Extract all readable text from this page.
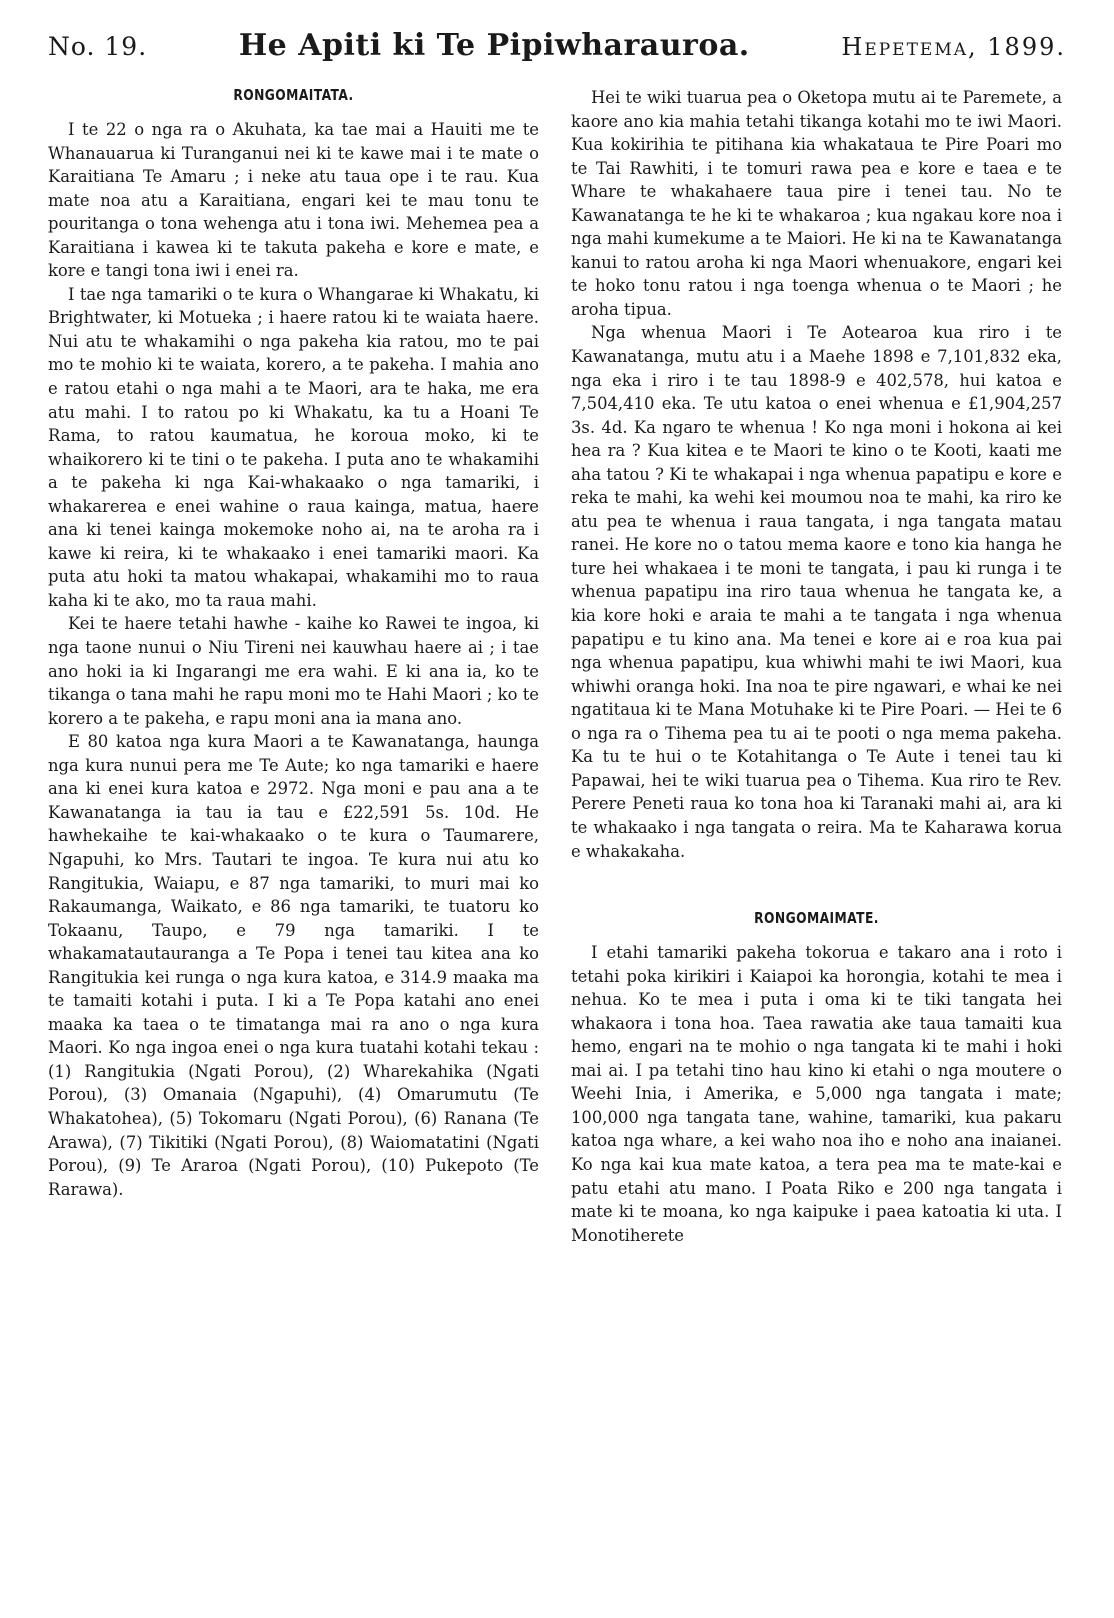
No. 19.	He Apiti ki Te Pipiwharauroa.	Hepetema, 1899.
RONGOMAITATA.

I te 22 o nga ra o Akuhata, ka tae mai a Hauiti me te Whanauarua ki Turanganui nei ki te kawe mai i te mate o Karaitiana Te Amaru ; i neke atu taua ope i te rau. Kua mate noa atu a Karaitiana, engari kei te mau tonu te pouritanga o tona wehenga atu i tona iwi. Mehemea pea a Karaitiana i kawea ki te takuta pakeha e kore e mate, e kore e tangi tona iwi i enei ra.

I tae nga tamariki o te kura o Whangarae ki Whakatu, ki Brightwater, ki Motueka ; i haere ratou ki te waiata haere. Nui atu te whakamihi o nga pakeha kia ratou, mo te pai mo te mohio ki te waiata, korero, a te pakeha. I mahia ano e ratou etahi o nga mahi a te Maori, ara te haka, me era atu mahi. I to ratou po ki Whakatu, ka tu a Hoani Te Rama, to ratou kaumatua, he koroua moko, ki te whaikorero ki te tini o te pakeha. I puta ano te whakamihi a te pakeha ki nga Kai-whakaako o nga tamariki, i whakarerea e enei wahine o raua kainga, matua, haere ana ki tenei kainga mokemoke noho ai, na te aroha ra i kawe ki reira, ki te whakaako i enei tamariki maori. Ka puta atu hoki ta matou whakapai, whakamihi mo to raua kaha ki te ako, mo ta raua mahi.

Kei te haere tetahi hawhe - kaihe ko Rawei te ingoa, ki nga taone nunui o Niu Tireni nei kauwhau haere ai ; i tae ano hoki ia ki Ingarangi me era wahi. E ki ana ia, ko te tikanga o tana mahi he rapu moni mo te Hahi Maori ; ko te korero a te pakeha, e rapu moni ana ia mana ano.

E 80 katoa nga kura Maori a te Kawanatanga, haunga nga kura nunui pera me Te Aute; ko nga tamariki e haere ana ki enei kura katoa e 2972. Nga moni e pau ana a te Kawanatanga ia tau ia tau e £22,591 5s. 10d. He hawhekaihe te kai-whakaako o te kura o Taumarere, Ngapuhi, ko Mrs. Tautari te ingoa. Te kura nui atu ko Rangitukia, Waiapu, e 87 nga tamariki, to muri mai ko Rakaumanga, Waikato, e 86 nga tamariki, te tuatoru ko Tokaanu, Taupo, e 79 nga tamariki. I te whakamatautauranga a Te Popa i tenei tau kitea ana ko Rangitukia kei runga o nga kura katoa, e 314.9 maaka ma te tamaiti kotahi i puta. I ki a Te Popa katahi ano enei maaka ka taea o te timatanga mai ra ano o nga kura Maori. Ko nga ingoa enei o nga kura tuatahi kotahi tekau : (1) Rangitukia (Ngati Porou), (2) Wharekahika (Ngati Porou), (3) Omanaia (Ngapuhi), (4) Omarumutu (Te Whakatohea), (5) Tokomaru (Ngati Porou), (6) Ranana (Te Arawa), (7) Tikitiki (Ngati Porou), (8) Waiomatatini (Ngati Porou), (9) Te Araroa (Ngati Porou), (10) Pukepoto (Te Rarawa).

Hei te wiki tuarua pea o Oketopa mutu ai te Paremete, a kaore ano kia mahia tetahi tikanga kotahi mo te iwi Maori. Kua kokirihia te pitihana kia whakataua te Pire Poari mo te Tai Rawhiti, i te tomuri rawa pea e kore e taea e te Whare te whakahaere taua pire i tenei tau. No te Kawanatanga te he ki te whakaroa ; kua ngakau kore noa i nga mahi kumekume a te Maiori. He ki na te Kawanatanga kanui to ratou aroha ki nga Maori whenuakore, engari kei te hoko tonu ratou i nga toenga whenua o te Maori ; he aroha tipua.

Nga whenua Maori i Te Aotearoa kua riro i te Kawanatanga, mutu atu i a Maehe 1898 e 7,101,832 eka, nga eka i riro i te tau 1898-9 e 402,578, hui katoa e 7,504,410 eka. Te utu katoa o enei whenua e £1,904,257 3s. 4d. Ka ngaro te whenua ! Ko nga moni i hokona ai kei hea ra ? Kua kitea e te Maori te kino o te Kooti, kaati me aha tatou ? Ki te whakapai i nga whenua papatipu e kore e reka te mahi, ka wehi kei moumou noa te mahi, ka riro ke atu pea te whenua i raua tangata, i nga tangata matau ranei. He kore no o tatou mema kaore e tono kia hanga he ture hei whakaea i te moni te tangata, i pau ki runga i te whenua papatipu ina riro taua whenua he tangata ke, a kia kore hoki e araia te mahi a te tangata i nga whenua papatipu e tu kino ana. Ma tenei e kore ai e roa kua pai nga whenua papatipu, kua whiwhi mahi te iwi Maori, kua whiwhi oranga hoki. Ina noa te pire ngawari, e whai ke nei ngatitaua ki te Mana Motuhake ki te Pire Poari. — Hei te 6 o nga ra o Tihema pea tu ai te pooti o nga mema pakeha. Ka tu te hui o te Kotahitanga o Te Aute i tenei tau ki Papawai, hei te wiki tuarua pea o Tihema. Kua riro te Rev. Perere Peneti raua ko tona hoa ki Taranaki mahi ai, ara ki te whakaako i nga tangata o reira. Ma te Kaharawa korua e whakakaha.

RONGOMAIMATE.

I etahi tamariki pakeha tokorua e takaro ana i roto i tetahi poka kirikiri i Kaiapoi ka horongia, kotahi te mea i nehua. Ko te mea i puta i oma ki te tiki tangata hei whakaora i tona hoa. Taea rawatia ake taua tamaiti kua hemo, engari na te mohio o nga tangata ki te mahi i hoki mai ai. I pa tetahi tino hau kino ki etahi o nga moutere o Weehi Inia, i Amerika, e 5,000 nga tangata i mate; 100,000 nga tangata tane, wahine, tamariki, kua pakaru katoa nga whare, a kei waho noa iho e noho ana inaianei. Ko nga kai kua mate katoa, a tera pea ma te mate-kai e patu etahi atu mano. I Poata Riko e 200 nga tangata i mate ki te moana, ko nga kaipuke i paea katoatia ki uta. I Monotiherete
